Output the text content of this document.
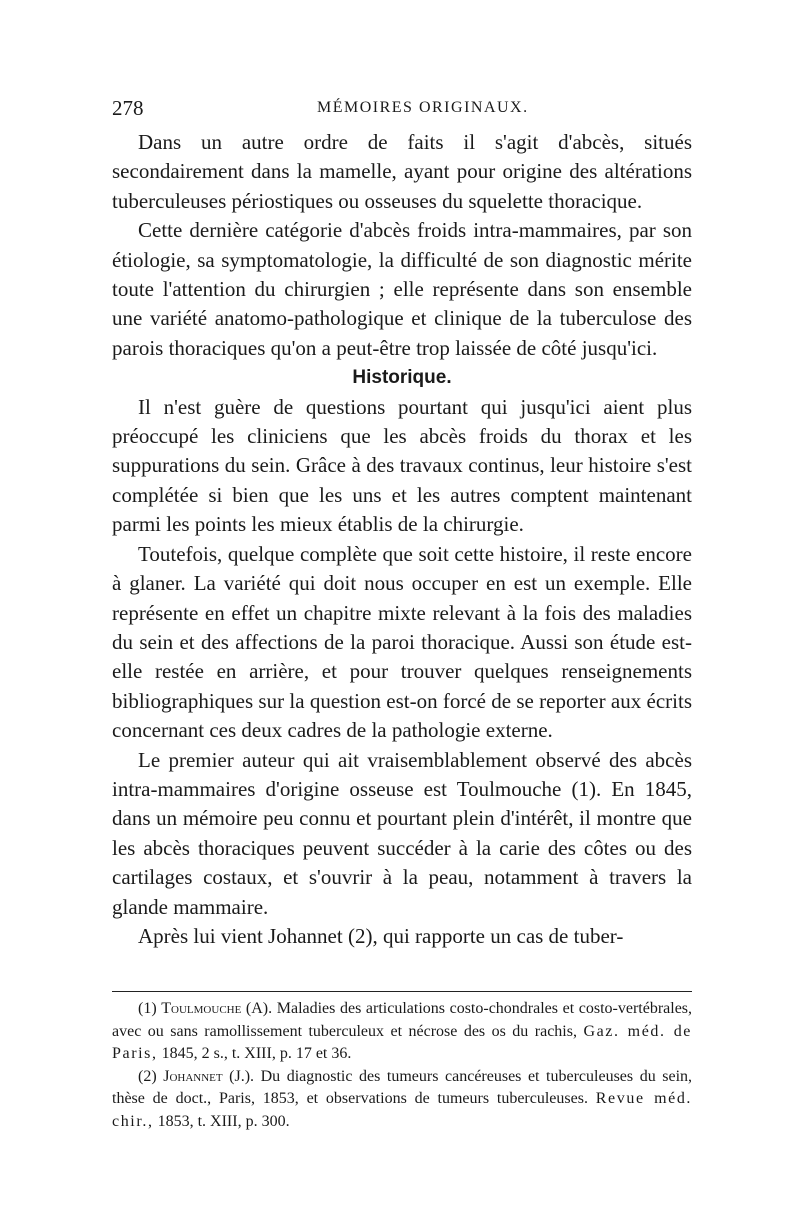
278	MÉMOIRES ORIGINAUX.

Dans un autre ordre de faits il s'agit d'abcès, situés secondairement dans la mamelle, ayant pour origine des altérations tuberculeuses périostiques ou osseuses du squelette thoracique.

Cette dernière catégorie d'abcès froids intra-mammaires, par son étiologie, sa symptomatologie, la difficulté de son diagnostic mérite toute l'attention du chirurgien ; elle représente dans son ensemble une variété anatomo-pathologique et clinique de la tuberculose des parois thoraciques qu'on a peut-être trop laissée de côté jusqu'ici.

Historique.

Il n'est guère de questions pourtant qui jusqu'ici aient plus préoccupé les cliniciens que les abcès froids du thorax et les suppurations du sein. Grâce à des travaux continus, leur histoire s'est complétée si bien que les uns et les autres comptent maintenant parmi les points les mieux établis de la chirurgie.

Toutefois, quelque complète que soit cette histoire, il reste encore à glaner. La variété qui doit nous occuper en est un exemple. Elle représente en effet un chapitre mixte relevant à la fois des maladies du sein et des affections de la paroi thoracique. Aussi son étude est-elle restée en arrière, et pour trouver quelques renseignements bibliographiques sur la question est-on forcé de se reporter aux écrits concernant ces deux cadres de la pathologie externe.

Le premier auteur qui ait vraisemblablement observé des abcès intra-mammaires d'origine osseuse est Toulmouche (1). En 1845, dans un mémoire peu connu et pourtant plein d'intérêt, il montre que les abcès thoraciques peuvent succéder à la carie des côtes ou des cartilages costaux, et s'ouvrir à la peau, notamment à travers la glande mammaire.

Après lui vient Johannet (2), qui rapporte un cas de tuber-

(1) Toulmouche (A). Maladies des articulations costo-chondrales et costo-vertébrales, avec ou sans ramollissement tuberculeux et nécrose des os du rachis, Gaz. méd. de Paris, 1845, 2 s., t. XIII, p. 17 et 36.

(2) Johannet (J.). Du diagnostic des tumeurs cancéreuses et tuberculeuses du sein, thèse de doct., Paris, 1853, et observations de tumeurs tuberculeuses. Revue méd. chir., 1853, t. XIII, p. 300.
